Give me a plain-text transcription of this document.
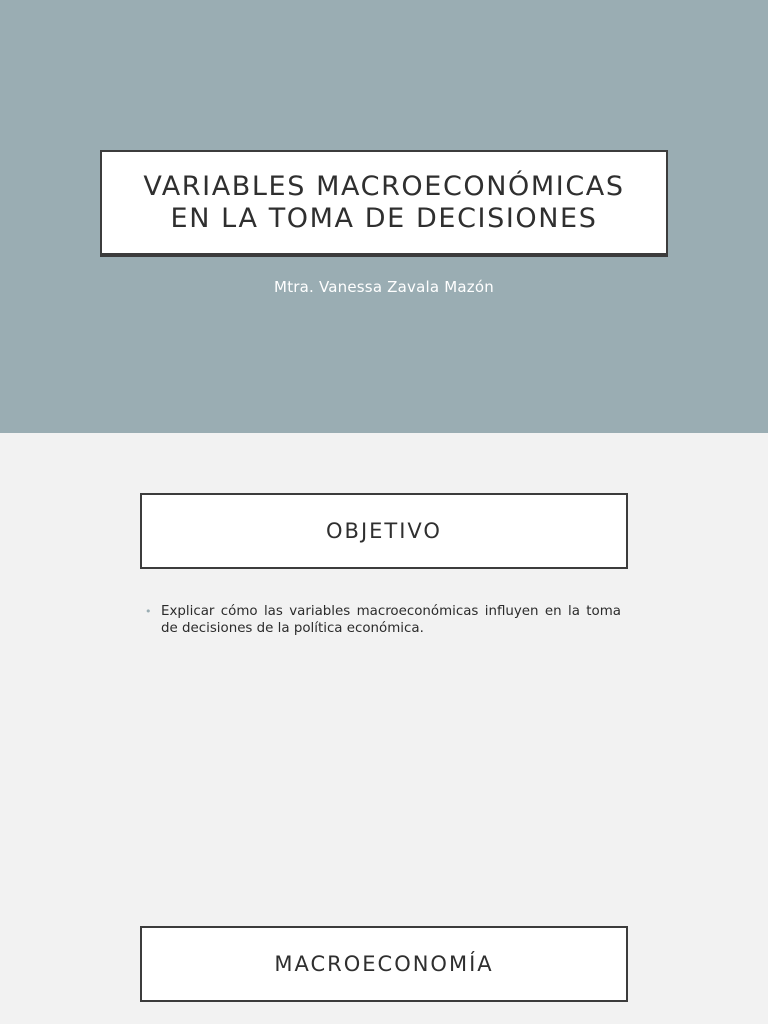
VARIABLES MACROECONÓMICAS
EN LA TOMA DE DECISIONES
Mtra. Vanessa Zavala Mazón
OBJETIVO
• Explicar cómo las variables macroeconómicas influyen en la toma de decisiones de la política económica.
MACROECONOMÍA
